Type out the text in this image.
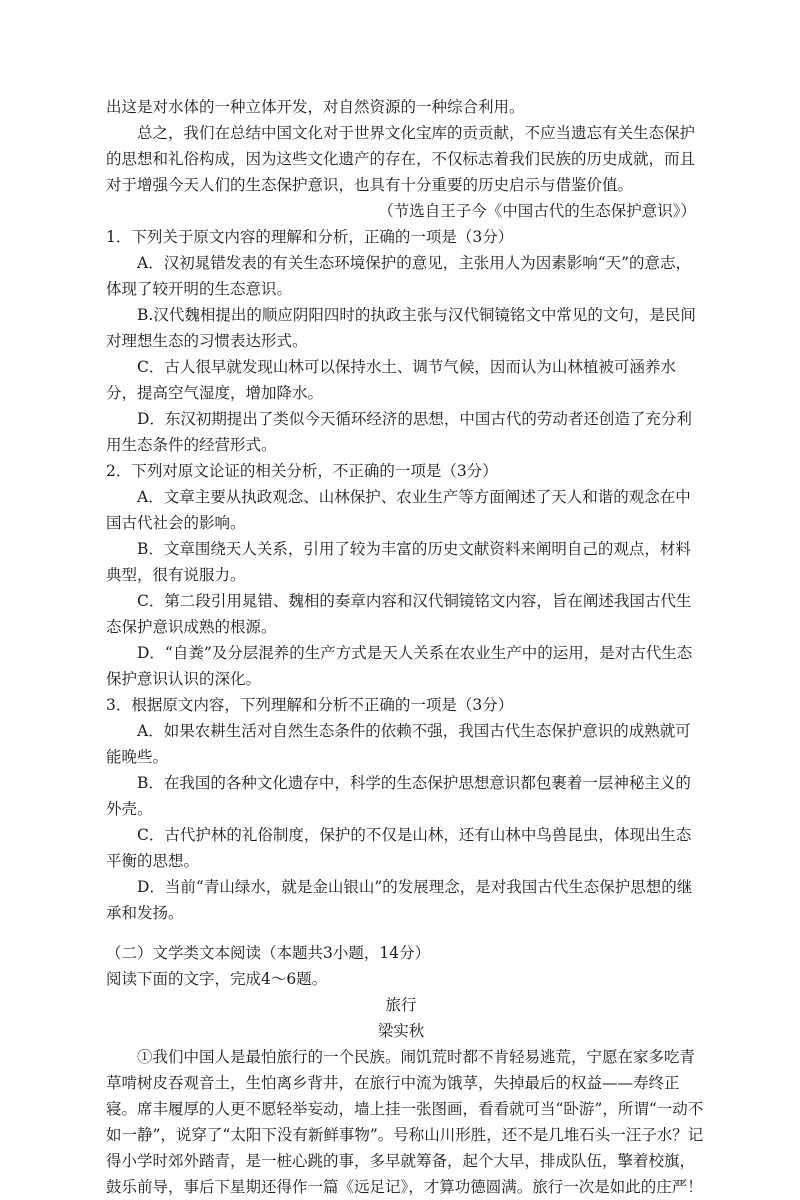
出这是对水体的一种立体开发，对自然资源的一种综合利用。

总之，我们在总结中国文化对于世界文化宝库的贡贡献，不应当遗忘有关生态保护的思想和礼俗构成，因为这些文化遗产的存在，不仅标志着我们民族的历史成就，而且对于增强今天人们的生态保护意识，也具有十分重要的历史启示与借鉴价值。

（节选自王子今《中国古代的生态保护意识》）

1．下列关于原文内容的理解和分析，正确的一项是（3分）

A．汉初晁错发表的有关生态环境保护的意见，主张用人为因素影响“天”的意志，体现了较开明的生态意识。

B.汉代魏相提出的顺应阴阳四时的执政主张与汉代铜镜铭文中常见的文句，是民间对理想生态的习惯表达形式。

C．古人很早就发现山林可以保持水土、调节气候，因而认为山林植被可涵养水分，提高空气湿度，增加降水。

D．东汉初期提出了类似今天循环经济的思想，中国古代的劳动者还创造了充分利用生态条件的经营形式。

2．下列对原文论证的相关分析，不正确的一项是（3分）

A．文章主要从执政观念、山林保护、农业生产等方面阐述了天人和谐的观念在中国古代社会的影响。

B．文章围绕天人关系，引用了较为丰富的历史文献资料来阐明自己的观点，材料典型，很有说服力。

C．第二段引用晁错、魏相的奏章内容和汉代铜镜铭文内容，旨在阐述我国古代生态保护意识成熟的根源。

D．“自粪”及分层混养的生产方式是天人关系在农业生产中的运用，是对古代生态保护意识认识的深化。

3．根据原文内容，下列理解和分析不正确的一项是（3分）

A．如果农耕生活对自然生态条件的依赖不强，我国古代生态保护意识的成熟就可能晚些。

B．在我国的各种文化遗存中，科学的生态保护思想意识都包裹着一层神秘主义的外壳。

C．古代护林的礼俗制度，保护的不仅是山林，还有山林中鸟兽昆虫，体现出生态平衡的思想。

D．当前“青山绿水，就是金山银山”的发展理念，是对我国古代生态保护思想的继承和发扬。

（二）文学类文本阅读（本题共3小题，14分）

阅读下面的文字，完成4～6题。

旅行

梁实秋

①我们中国人是最怕旅行的一个民族。闹饥荒时都不肯轻易逃荒，宁愿在家多吃青草啃树皮吞观音土，生怕离乡背井，在旅行中流为饿莩，失掉最后的权益——寿终正寝。席丰履厚的人更不愿轻举妄动，墙上挂一张图画，看看就可当“卧游”，所谓“一动不如一静”，说穿了“太阳下没有新鲜事物”。号称山川形胜，还不是几堆石头一汪子水？记得小学时郊外踏青，是一桩心跳的事，多早就筹备，起个大早，排成队伍，擎着校旗，鼓乐前导，事后下星期还得作一篇《远足记》，才算功德圆满。旅行一次是如此的庄严！
